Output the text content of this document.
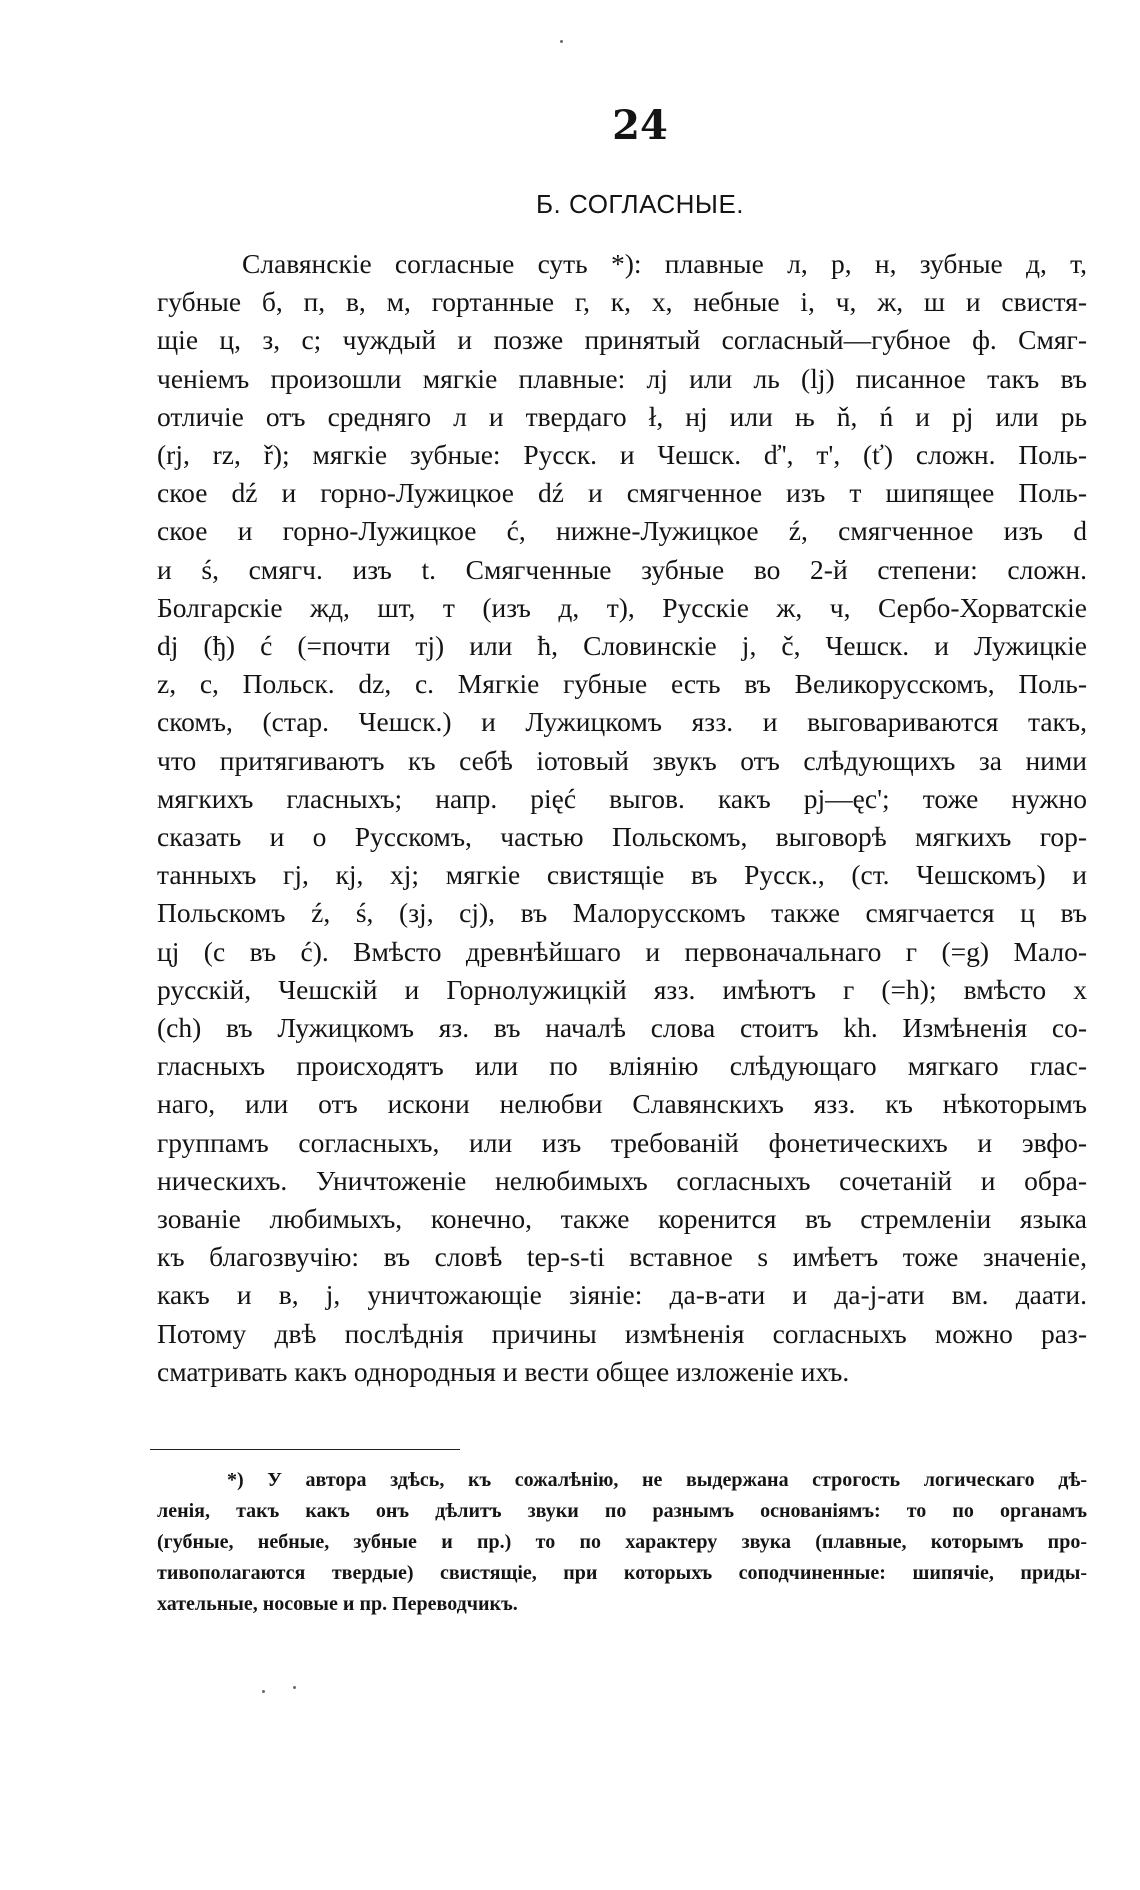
24
Б. СОГЛАСНЫЕ.
Славянскіе согласные суть *): плавные л, р, н, зубные д, т,
губные б, п, в, м, гортанные г, к, х, небные і, ч, ж, ш и свистя-
щіе ц, з, с; чуждый и позже принятый согласный—губное ф. Смяг-
ченіемъ произошли мягкіе плавные: лј или ль (lj) писанное такъ въ
отличіе отъ средняго л и твердаго ł, нј или њ ň, ń и рј или рь
(rj, rz, ř); мягкіе зубные: Русск. и Чешск. ď', т', (ť) сложн. Поль-
ское dź и горно-Лужицкое dź и смягченное изъ т шипящее Поль-
ское и горно-Лужицкое ć, нижне-Лужицкое ź, смягченное изъ d
и ś, смягч. изъ t. Смягченные зубные во 2-й степени: сложн.
Болгарскіе жд, шт, т (изъ д, т), Русскіе ж, ч, Сербо-Хорватскіе
dj (ђ) ć (=почти тј) или ћ, Словинскіе j, č, Чешск. и Лужицкіе
z, c, Польск. dz, c. Мягкіе губные есть въ Великорусскомъ, Поль-
скомъ, (стар. Чешск.) и Лужицкомъ язз. и выговариваются такъ,
что притягиваютъ къ себѣ іотовый звукъ отъ слѣдующихъ за ними
мягкихъ гласныхъ; напр. ріęć выгов. какъ рј—ęс'; тоже нужно
сказать и о Русскомъ, частью Польскомъ, выговорѣ мягкихъ гор-
танныхъ гј, кј, хј; мягкіе свистящіе въ Русск., (ст. Чешскомъ) и
Польскомъ ź, ś, (зј, сј), въ Малорусскомъ также смягчается ц въ
цј (с въ ć). Вмѣсто древнѣйшаго и первоначальнаго г (=g) Мало-
русскій, Чешскій и Горнолужицкій язз. имѣютъ г (=h); вмѣсто х
(ch) въ Лужицкомъ яз. въ началѣ слова стоитъ kh. Измѣненія со-
гласныхъ происходятъ или по вліянію слѣдующаго мягкаго глас-
наго, или отъ искони нелюбви Славянскихъ язз. къ нѣкоторымъ
группамъ согласныхъ, или изъ требованій фонетическихъ и эвфо-
ническихъ. Уничтоженіе нелюбимыхъ согласныхъ сочетаній и обра-
зованіе любимыхъ, конечно, также коренится въ стремленіи языка
къ благозвучію: въ словѣ tep-s-ti вставное s имѣетъ тоже значеніе,
какъ и в, j, уничтожающіе зіяніе: да-в-ати и да-j-ати вм. даати.
Потому двѣ послѣднія причины измѣненія согласныхъ можно раз-
сматривать какъ однородныя и вести общее изложеніе ихъ.
*) У автора здѣсь, къ сожалѣнію, не выдержана строгость логическаго дѣ-
ленія, такъ какъ онъ дѣлитъ звуки по разнымъ основаніямъ: то по органамъ
(губные, небные, зубные и пр.) то по характеру звука (плавные, которымъ про-
тивополагаются твердые) свистящіе, при которыхъ соподчиненные: шипячіе, приды-
хательные, носовые и пр. Переводчикъ.
